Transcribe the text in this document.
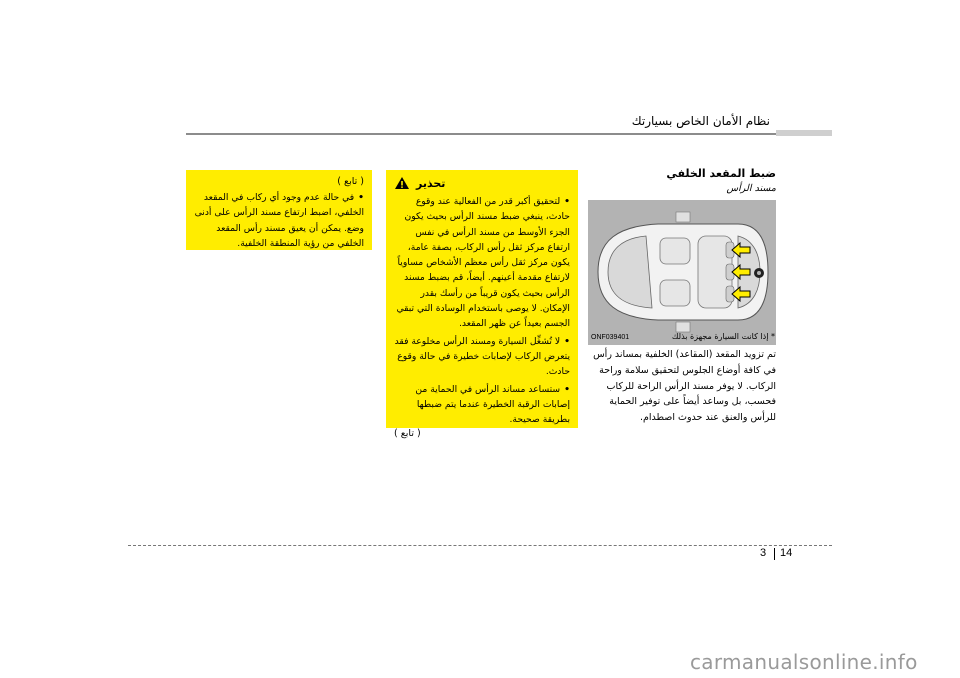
نظام الأمان الخاص بسيارتك
( تابع )
•في حالة عدم وجود أي ركاب في المقعد الخلفي، اضبط ارتفاع مسند الرأس على أدنى وضع. يمكن أن يعيق مسند رأس المقعد الخلفي من رؤية المنطقة الخلفية.
تحذير
•لتحقيق أكبر قدر من الفعالية عند وقوع حادث، ينبغي ضبط مسند الرأس بحيث يكون الجزء الأوسط من مسند الرأس في نفس ارتفاع مركز ثقل رأس الركاب، بصفة عامة، يكون مركز ثقل رأس معظم الأشخاص مساوياً لارتفاع مقدمة أعينهم. أيضاً، قم بضبط مسند الرأس بحيث يكون قريباً من رأسك بقدر الإمكان. لا يوصى باستخدام الوسادة التي تبقي الجسم بعيداً عن ظهر المقعد.
•لا تُشغِّل السيارة ومسند الرأس مخلوعة فقد يتعرض الركاب لإصابات خطيرة في حالة وقوع حادث.
•ستساعد مساند الرأس في الحماية من إصابات الرقبة الخطيرة عندما يتم ضبطها بطريقة صحيحة.
( تابع )
ضبط المقعد الخلفي
مسند الرأس
ONF039401	* إذا كانت السيارة مجهزة بذلك
تم تزويد المقعد (المقاعد) الخلفية بمساند رأس في كافة أوضاع الجلوس لتحقيق سلامة وراحة الركاب. لا يوفر مسند الرأس الراحة للركاب فحسب، بل وساعد أيضاً على توفير الحماية للرأس والعنق عند حدوث اصطدام.
3 14
carmanualsonline.info
